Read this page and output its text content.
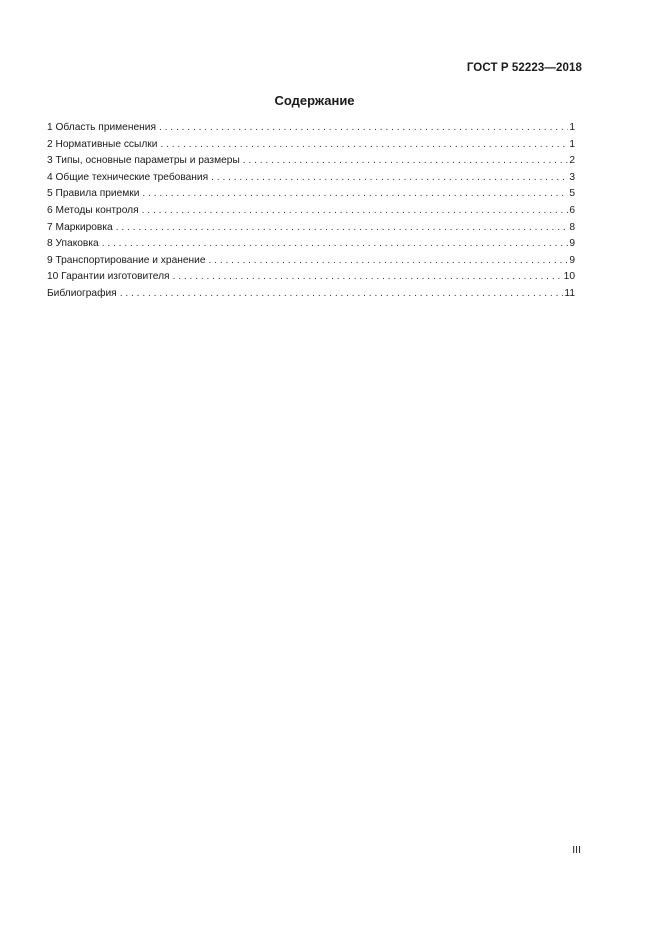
ГОСТ Р 52223—2018
Содержание
1 Область применения . . .	1
2 Нормативные ссылки . . .	1
3 Типы, основные параметры и размеры . . .	2
4 Общие технические требования . . .	3
5 Правила приемки . . .	5
6 Методы контроля . . .	6
7 Маркировка . . .	8
8 Упаковка . . .	9
9 Транспортирование и хранение . . .	9
10 Гарантии изготовителя . . .	10
Библиография . . .	11
III
